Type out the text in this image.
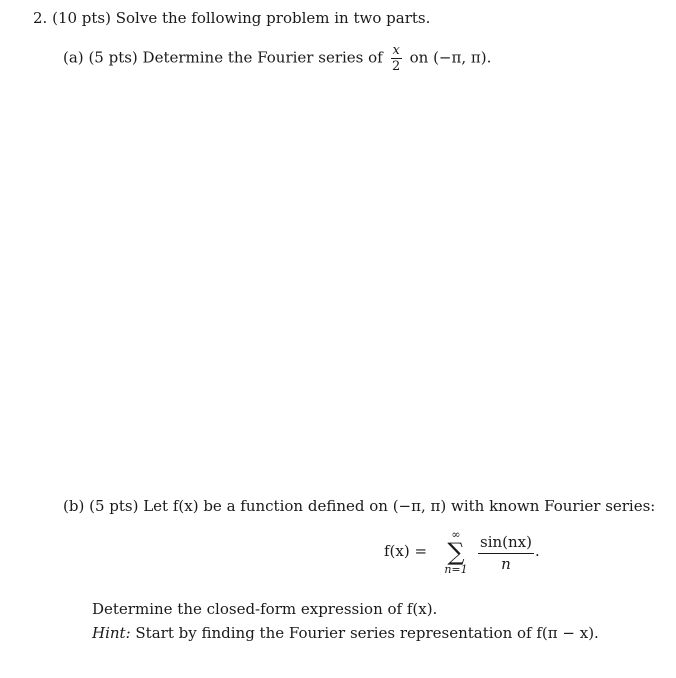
2. (10 pts) Solve the following problem in two parts.
(a) (5 pts) Determine the Fourier series of $\frac{x}{2}$ on (−π, π).
(b) (5 pts) Let f(x) be a function defined on (−π, π) with known Fourier series:
f(x) =
∞
∑
$n=1 \frac{\sin(nx)}{n}$ .
Determine the closed-form expression of f(x).
Hint: Start by finding the Fourier series representation of f(π − x).
